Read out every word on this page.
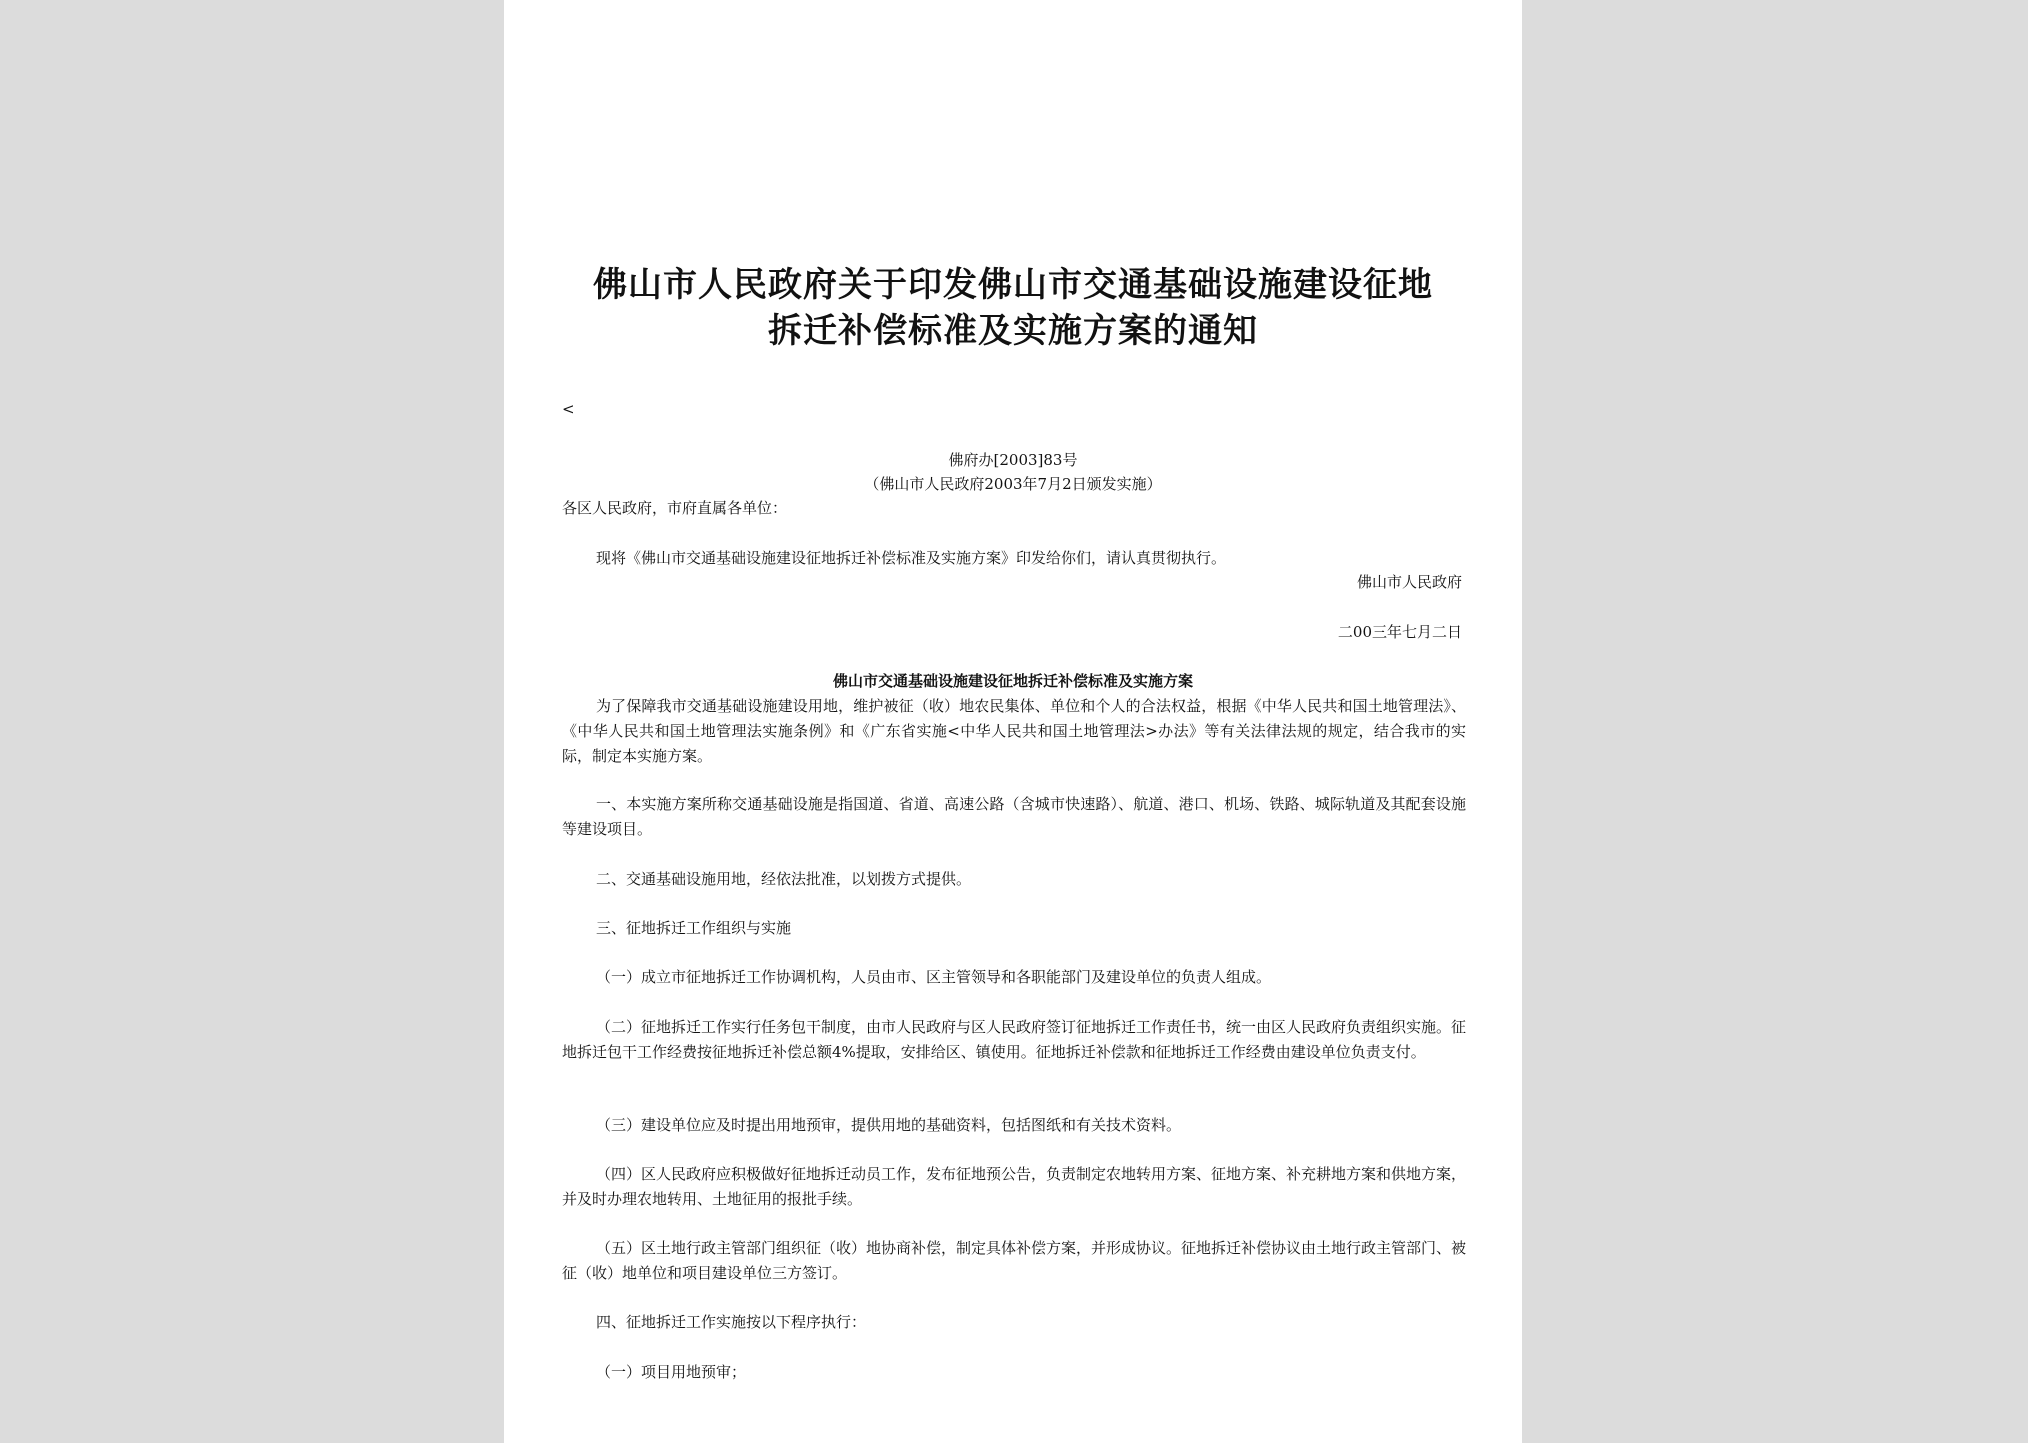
佛山市人民政府关于印发佛山市交通基础设施建设征地
拆迁补偿标准及实施方案的通知
<
佛府办[2003]83号
（佛山市人民政府2003年7月2日颁发实施）
各区人民政府，市府直属各单位：

现将《佛山市交通基础设施建设征地拆迁补偿标准及实施方案》印发给你们，请认真贯彻执行。

佛山市人民政府
二00三年七月二日
佛山市交通基础设施建设征地拆迁补偿标准及实施方案

为了保障我市交通基础设施建设用地，维护被征（收）地农民集体、单位和个人的合法权益，根据《中华人民共和国土地管理法》、《中华人民共和国土地管理法实施条例》和《广东省实施<中华人民共和国土地管理法>办法》等有关法律法规的规定，结合我市的实际，制定本实施方案。

一、本实施方案所称交通基础设施是指国道、省道、高速公路（含城市快速路）、航道、港口、机场、铁路、城际轨道及其配套设施等建设项目。

二、交通基础设施用地，经依法批准，以划拨方式提供。

三、征地拆迁工作组织与实施

（一）成立市征地拆迁工作协调机构，人员由市、区主管领导和各职能部门及建设单位的负责人组成。

（二）征地拆迁工作实行任务包干制度，由市人民政府与区人民政府签订征地拆迁工作责任书，统一由区人民政府负责组织实施。征地拆迁包干工作经费按征地拆迁补偿总额4%提取，安排给区、镇使用。征地拆迁补偿款和征地拆迁工作经费由建设单位负责支付。

（三）建设单位应及时提出用地预审，提供用地的基础资料，包括图纸和有关技术资料。

（四）区人民政府应积极做好征地拆迁动员工作，发布征地预公告，负责制定农地转用方案、征地方案、补充耕地方案和供地方案，并及时办理农地转用、土地征用的报批手续。

（五）区土地行政主管部门组织征（收）地协商补偿，制定具体补偿方案，并形成协议。征地拆迁补偿协议由土地行政主管部门、被征（收）地单位和项目建设单位三方签订。

四、征地拆迁工作实施按以下程序执行：

（一）项目用地预审；
